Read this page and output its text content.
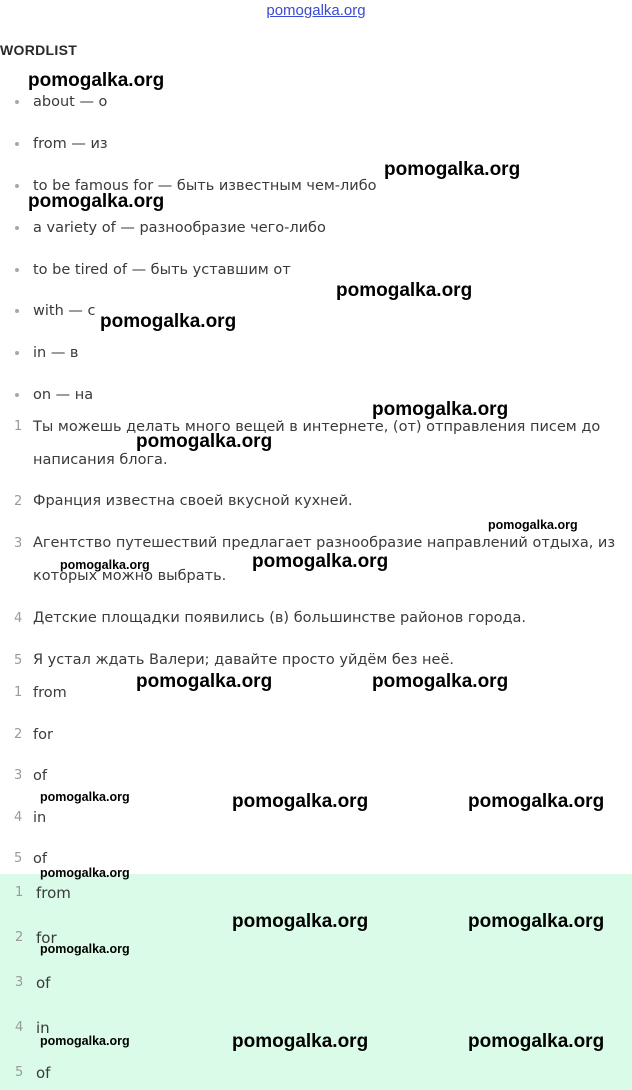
pomogalka.org
WORDLIST
about — о
from — из
to be famous for — быть известным чем-либо
a variety of — разнообразие чего-либо
to be tired of — быть уставшим от
with — с
in — в
on — на
1 Ты можешь делать много вещей в интернете, (от) отправления писем до написания блога.
2 Франция известна своей вкусной кухней.
3 Агентство путешествий предлагает разнообразие направлений отдыха, из которых можно выбрать.
4 Детские площадки появились (в) большинстве районов города.
5 Я устал ждать Валери; давайте просто уйдём без неё.
1 from
2 for
3 of
4 in
5 of
1 from
2 for
3 of
4 in
5 of
pomogalka.org
pomogalka.org
pomogalka.org
pomogalka.org
pomogalka.org
pomogalka.org
pomogalka.org
pomogalka.org
pomogalka.org
pomogalka.org
pomogalka.org	pomogalka.org
pomogalka.org	pomogalka.org	pomogalka.org
pomogalka.org
pomogalka.org	pomogalka.org
pomogalka.org
pomogalka.org	pomogalka.org	pomogalka.org
